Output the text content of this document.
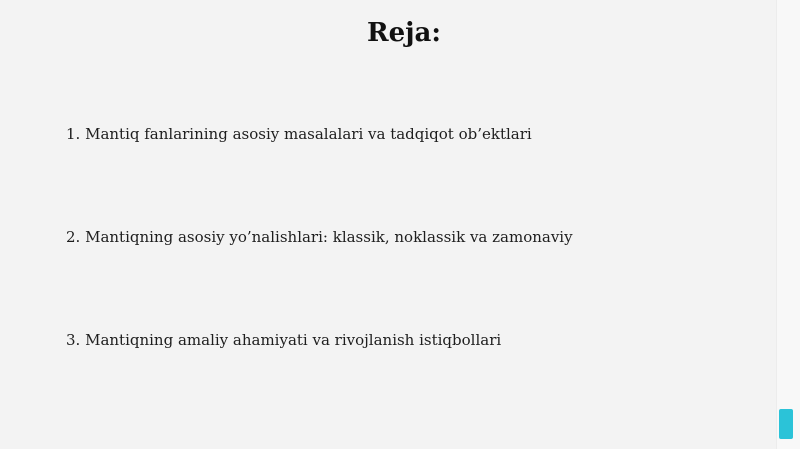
Reja:
1. Mantiq fanlarining asosiy masalalari va tadqiqot ob’ektlari
2. Mantiqning asosiy yo’nalishlari: klassik, noklassik va zamonaviy
3. Mantiqning amaliy ahamiyati va rivojlanish istiqbollari
